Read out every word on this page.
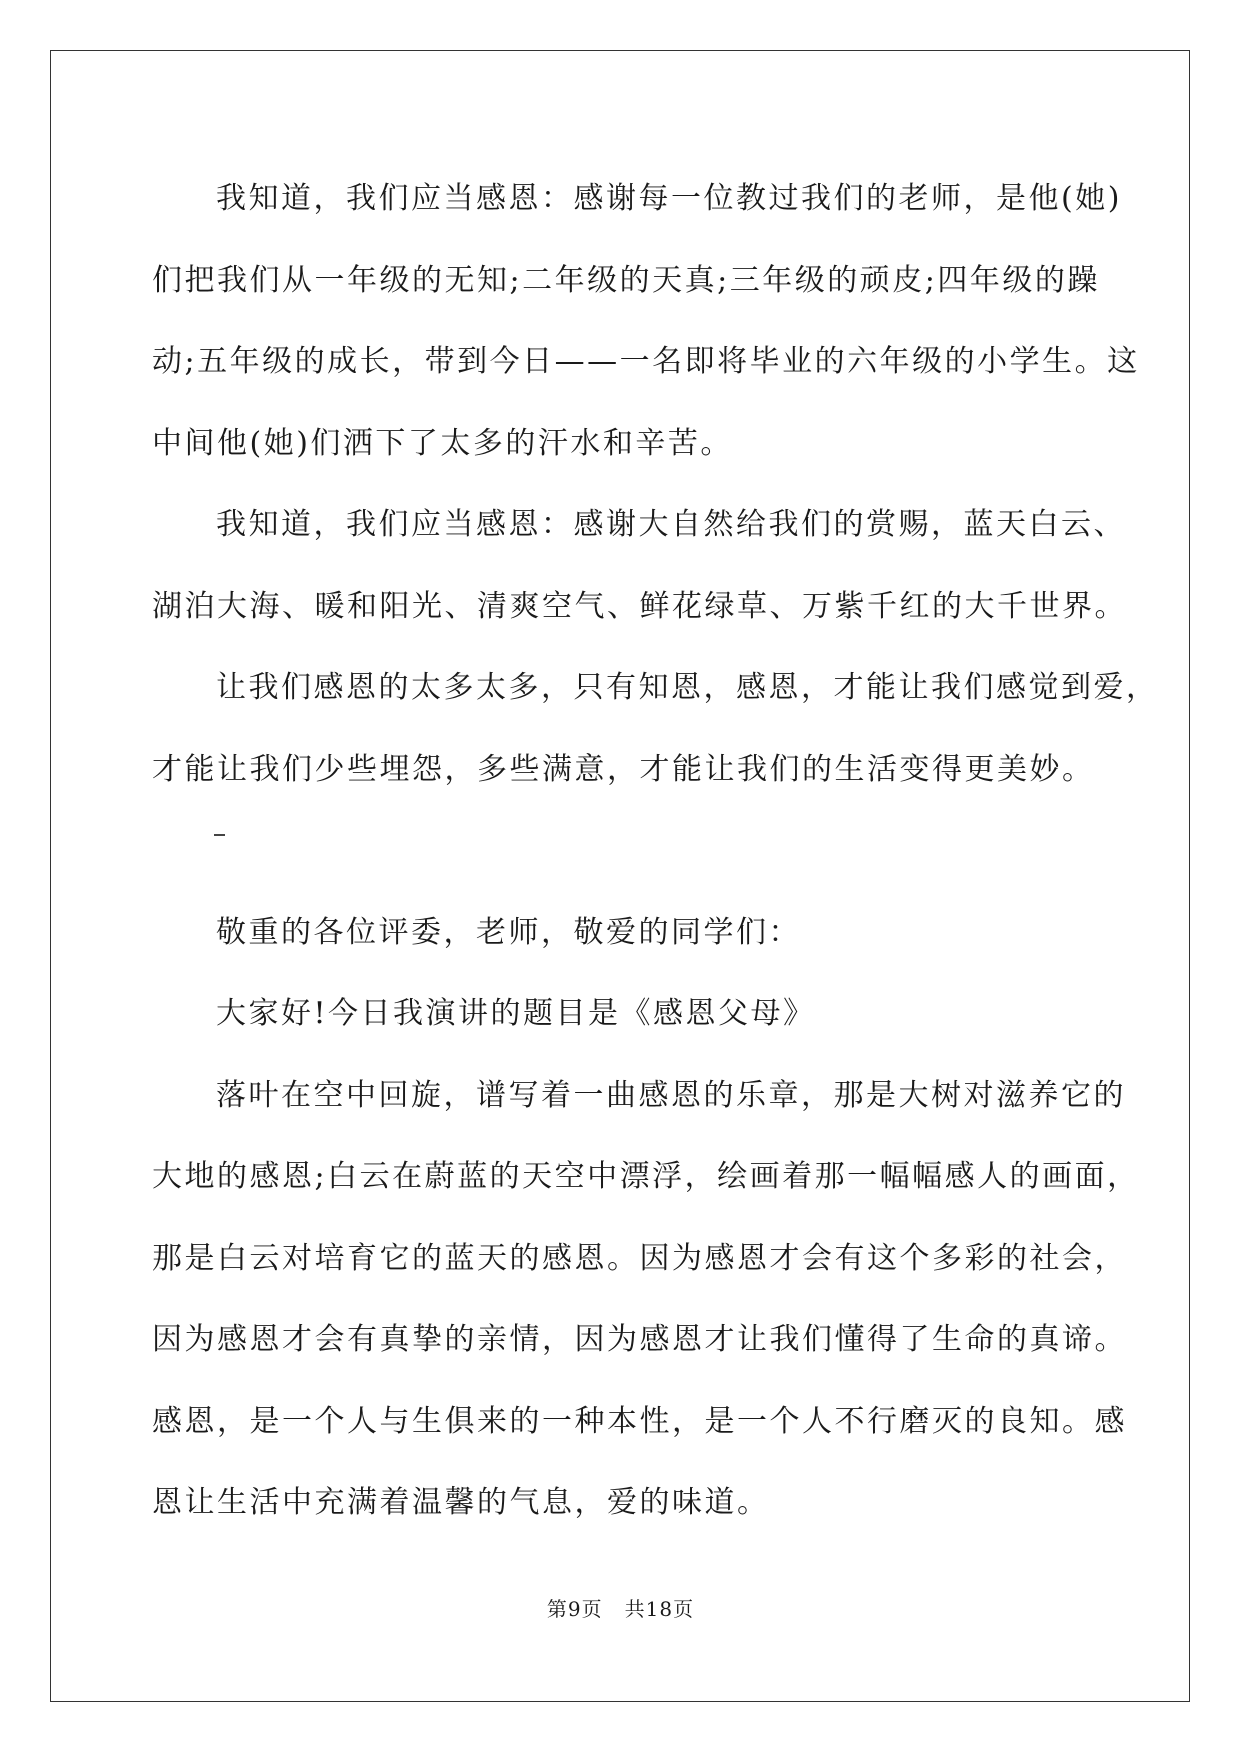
我知道，我们应当感恩：感谢每一位教过我们的老师，是他(她)
们把我们从一年级的无知;二年级的天真;三年级的顽皮;四年级的躁
动;五年级的成长，带到今日——一名即将毕业的六年级的小学生。这
中间他(她)们洒下了太多的汗水和辛苦。

我知道，我们应当感恩：感谢大自然给我们的赏赐，蓝天白云、
湖泊大海、暖和阳光、清爽空气、鲜花绿草、万紫千红的大千世界。

让我们感恩的太多太多，只有知恩，感恩，才能让我们感觉到爱，
才能让我们少些埋怨，多些满意，才能让我们的生活变得更美妙。

敬重的各位评委，老师，敬爱的同学们：

大家好!今日我演讲的题目是《感恩父母》

落叶在空中回旋，谱写着一曲感恩的乐章，那是大树对滋养它的
大地的感恩;白云在蔚蓝的天空中漂浮，绘画着那一幅幅感人的画面，
那是白云对培育它的蓝天的感恩。因为感恩才会有这个多彩的社会，
因为感恩才会有真挚的亲情，因为感恩才让我们懂得了生命的真谛。
感恩，是一个人与生俱来的一种本性，是一个人不行磨灭的良知。感
恩让生活中充满着温馨的气息，爱的味道。

第9页 共18页
